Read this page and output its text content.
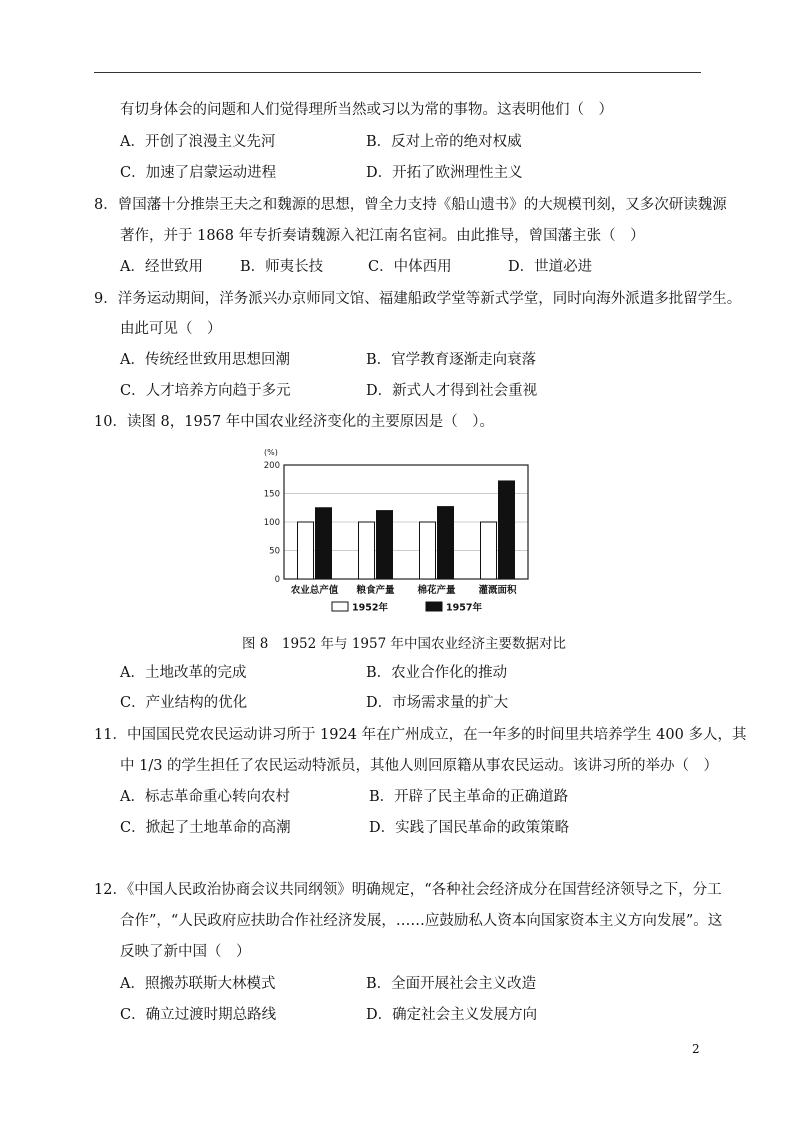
有切身体会的问题和人们觉得理所当然或习以为常的事物。这表明他们（　）
A．开创了浪漫主义先河	B．反对上帝的绝对权威
C．加速了启蒙运动进程	D．开拓了欧洲理性主义
8．曾国藩十分推崇王夫之和魏源的思想，曾全力支持《船山遗书》的大规模刊刻，又多次研读魏源
著作，并于 1868 年专折奏请魏源入祀江南名宦祠。由此推导，曾国藩主张（　）
A．经世致用	B．师夷长技	C．中体西用	D．世道必进
9．洋务运动期间，洋务派兴办京师同文馆、福建船政学堂等新式学堂，同时向海外派遣多批留学生。
由此可见（　）
A．传统经世致用思想回潮	B．官学教育逐渐走向衰落
C．人才培养方向趋于多元	D．新式人才得到社会重视
10．读图 8，1957 年中国农业经济变化的主要原因是（　）。
(%)
0
50
100
150
200
农业总产值 粮食产量 棉花产量 灌溉面积
1952年	1957年
图 8　1952 年与 1957 年中国农业经济主要数据对比
A．土地改革的完成	B．农业合作化的推动
C．产业结构的优化	D．市场需求量的扩大
11．中国国民党农民运动讲习所于 1924 年在广州成立，在一年多的时间里共培养学生 400 多人，其
中 1/3 的学生担任了农民运动特派员，其他人则回原籍从事农民运动。该讲习所的举办（　）
A．标志革命重心转向农村	B．开辟了民主革命的正确道路
C．掀起了土地革命的高潮	D．实践了国民革命的政策策略
12．《中国人民政治协商会议共同纲领》明确规定，“各种社会经济成分在国营经济领导之下，分工
合作”，“人民政府应扶助合作社经济发展，……应鼓励私人资本向国家资本主义方向发展”。这
反映了新中国（　）
A．照搬苏联斯大林模式	B．全面开展社会主义改造
C．确立过渡时期总路线	D．确定社会主义发展方向
2
